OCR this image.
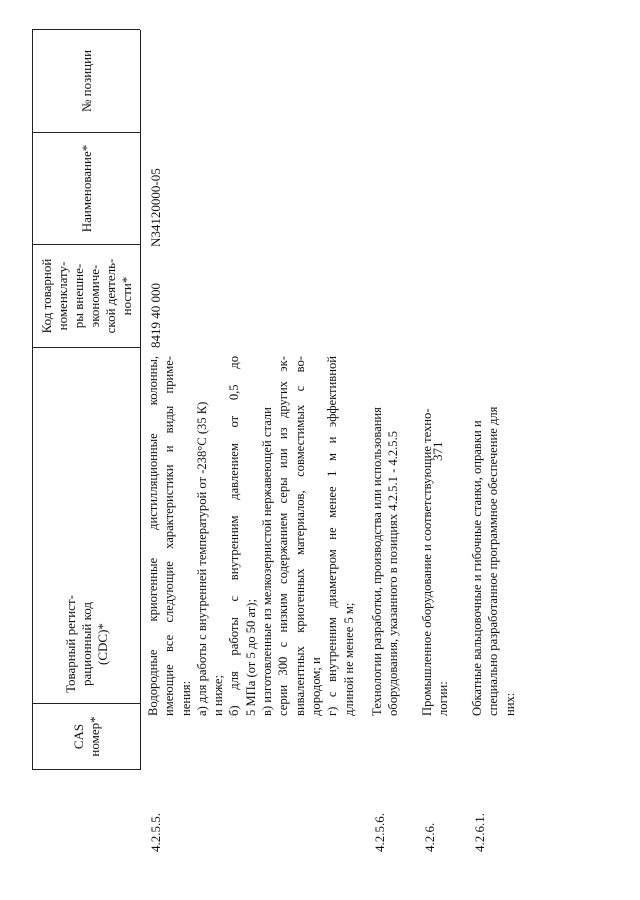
371
CAS номер*
Товарный регист- рационный код (CDC)*
Код товарной номенклату- ры внешне- экономиче- ской деятель- ности*
Наименование*
№ позиции
4.2.5.5.
Водородные криогенные дистилляционные колонны, имеющие все следующие характеристики и виды приме- нения: а) для работы с внутренней температурой от -238°С (35 К) и ниже; б) для работы с внутренним давлением от 0,5 до 5 МПа (от 5 до 50 ат); в) изготовленные из мелкозернистой нержавеющей стали серии 300 с низким содержанием серы или из других эк- вивалентных криогенных материалов, совместимых с во- дородом; и г) с внутренним диаметром не менее 1 м и эффективной длиной не менее 5 м;
8419 40 000
N34120000-05
4.2.5.6.
Технологии разработки, производства или использования оборудования, указанного в позициях 4.2.5.1 - 4.2.5.5
4.2.6.
Промышленное оборудование и соответствующие техно- логии:
4.2.6.1.
Обкатные вальцовочные и гибочные станки, оправки и специально разработанное программное обеспечение для них:
